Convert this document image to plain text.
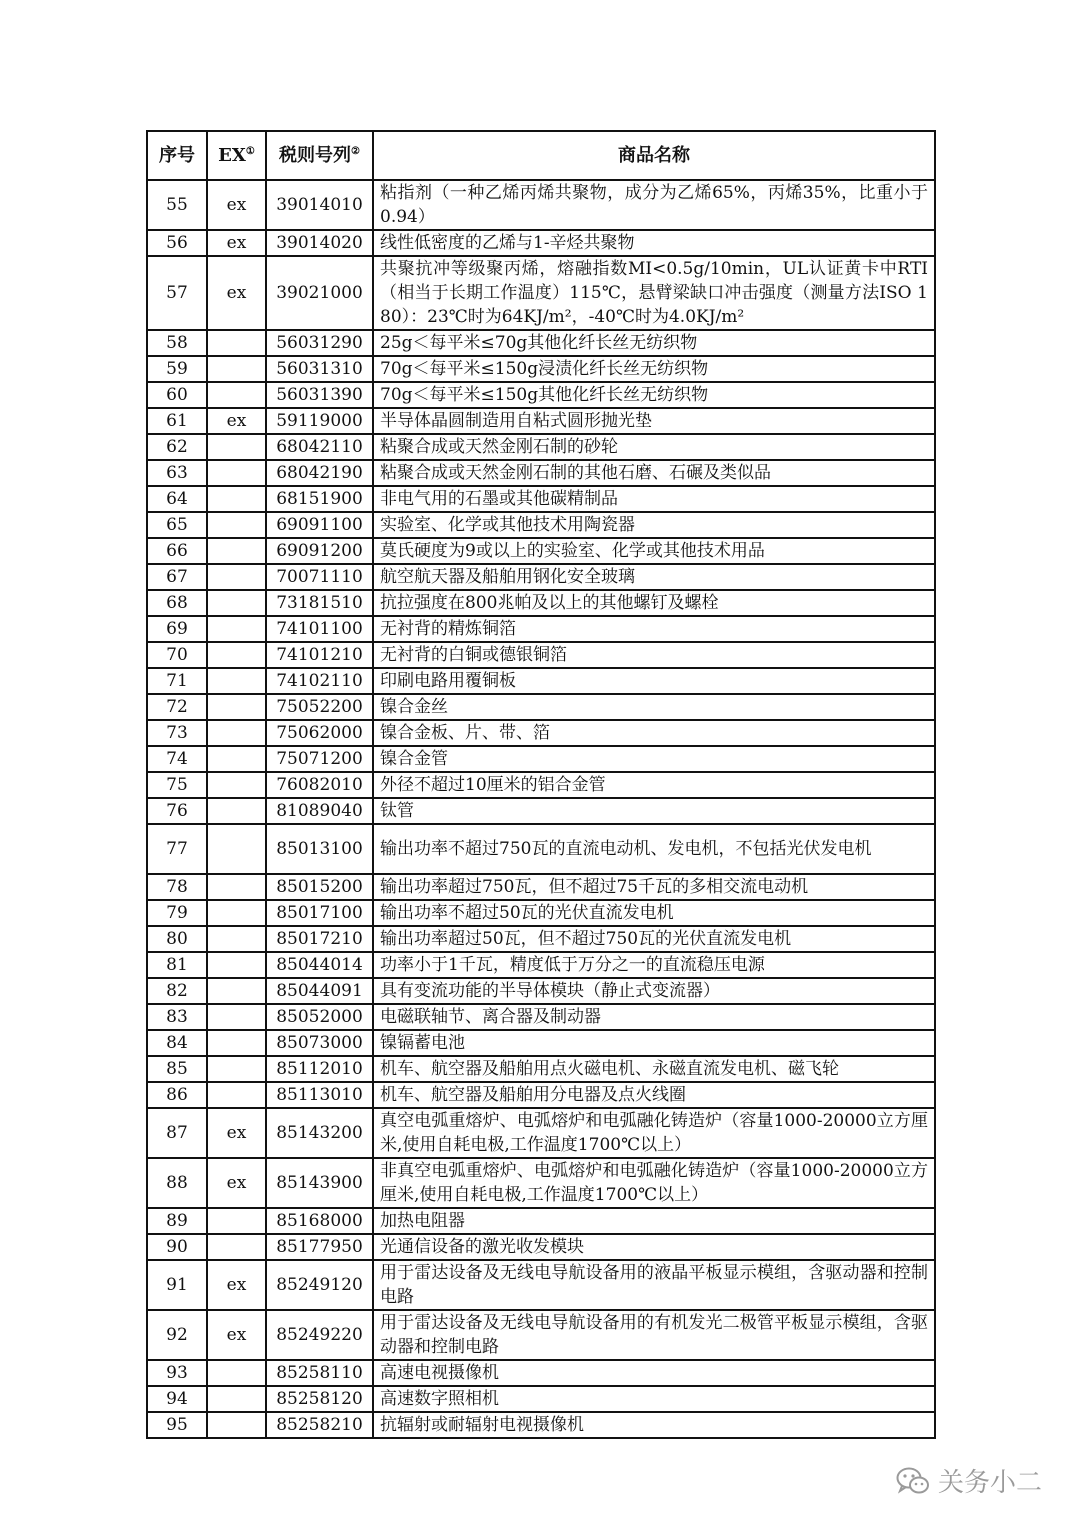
序号	EX①	税则号列②	商品名称
55	ex	39014010	粘指剂（一种乙烯丙烯共聚物，成分为乙烯65%，丙烯35%，比重小于0.94）
56	ex	39014020	线性低密度的乙烯与1-辛烃共聚物
57	ex	39021000	共聚抗冲等级聚丙烯，熔融指数MI<0.5g/10min，UL认证黄卡中RTI（相当于长期工作温度）115℃，悬臂梁缺口冲击强度（测量方法ISO 180）：23℃时为64KJ/m²，-40℃时为4.0KJ/m²
58		56031290	25g＜每平米≤70g其他化纤长丝无纺织物
59		56031310	70g＜每平米≤150g浸渍化纤长丝无纺织物
60		56031390	70g＜每平米≤150g其他化纤长丝无纺织物
61	ex	59119000	半导体晶圆制造用自粘式圆形抛光垫
62		68042110	粘聚合成或天然金刚石制的砂轮
63		68042190	粘聚合成或天然金刚石制的其他石磨、石碾及类似品
64		68151900	非电气用的石墨或其他碳精制品
65		69091100	实验室、化学或其他技术用陶瓷器
66		69091200	莫氏硬度为9或以上的实验室、化学或其他技术用品
67		70071110	航空航天器及船舶用钢化安全玻璃
68		73181510	抗拉强度在800兆帕及以上的其他螺钉及螺栓
69		74101100	无衬背的精炼铜箔
70		74101210	无衬背的白铜或德银铜箔
71		74102110	印刷电路用覆铜板
72		75052200	镍合金丝
73		75062000	镍合金板、片、带、箔
74		75071200	镍合金管
75		76082010	外径不超过10厘米的铝合金管
76		81089040	钛管
77		85013100	输出功率不超过750瓦的直流电动机、发电机，不包括光伏发电机
78		85015200	输出功率超过750瓦，但不超过75千瓦的多相交流电动机
79		85017100	输出功率不超过50瓦的光伏直流发电机
80		85017210	输出功率超过50瓦，但不超过750瓦的光伏直流发电机
81		85044014	功率小于1千瓦，精度低于万分之一的直流稳压电源
82		85044091	具有变流功能的半导体模块（静止式变流器）
83		85052000	电磁联轴节、离合器及制动器
84		85073000	镍镉蓄电池
85		85112010	机车、航空器及船舶用点火磁电机、永磁直流发电机、磁飞轮
86		85113010	机车、航空器及船舶用分电器及点火线圈
87	ex	85143200	真空电弧重熔炉、电弧熔炉和电弧融化铸造炉（容量1000-20000立方厘米,使用自耗电极,工作温度1700℃以上）
88	ex	85143900	非真空电弧重熔炉、电弧熔炉和电弧融化铸造炉（容量1000-20000立方厘米,使用自耗电极,工作温度1700℃以上）
89		85168000	加热电阻器
90		85177950	光通信设备的激光收发模块
91	ex	85249120	用于雷达设备及无线电导航设备用的液晶平板显示模组，含驱动器和控制电路
92	ex	85249220	用于雷达设备及无线电导航设备用的有机发光二极管平板显示模组，含驱动器和控制电路
93		85258110	高速电视摄像机
94		85258120	高速数字照相机
95		85258210	抗辐射或耐辐射电视摄像机
关务小二
